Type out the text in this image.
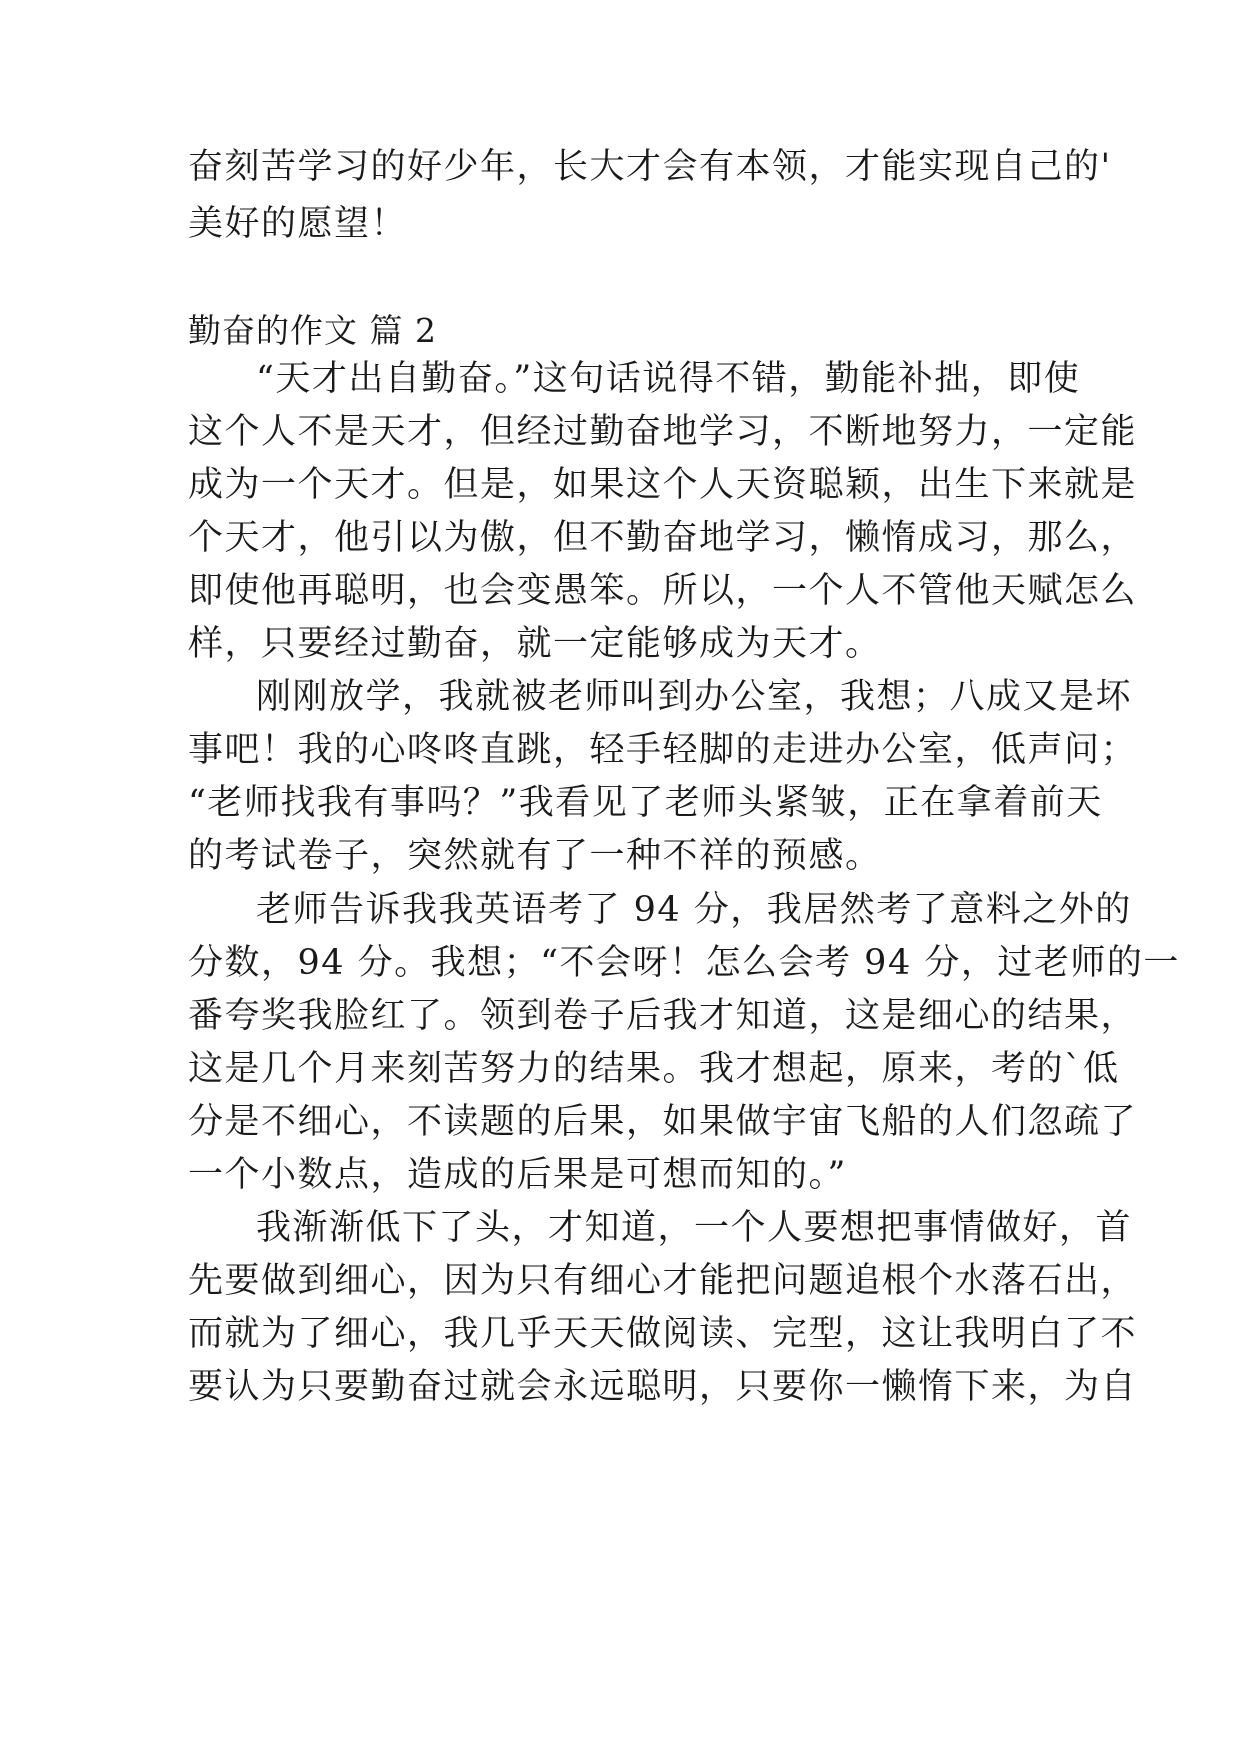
奋刻苦学习的好少年，长大才会有本领，才能实现自己的'
美好的愿望！
勤奋的作文 篇 2
“天才出自勤奋。”这句话说得不错，勤能补拙，即使
这个人不是天才，但经过勤奋地学习，不断地努力，一定能
成为一个天才。但是，如果这个人天资聪颖，出生下来就是
个天才，他引以为傲，但不勤奋地学习，懒惰成习，那么，
即使他再聪明，也会变愚笨。所以，一个人不管他天赋怎么
样，只要经过勤奋，就一定能够成为天才。
刚刚放学，我就被老师叫到办公室，我想；八成又是坏
事吧！我的心咚咚直跳，轻手轻脚的走进办公室，低声问；
“老师找我有事吗？”我看见了老师头紧皱，正在拿着前天
的考试卷子，突然就有了一种不祥的预感。
老师告诉我我英语考了 94 分，我居然考了意料之外的
分数，94 分。我想；“不会呀！怎么会考 94 分，过老师的一
番夸奖我脸红了。领到卷子后我才知道，这是细心的结果，
这是几个月来刻苦努力的结果。我才想起，原来，考的`低
分是不细心，不读题的后果，如果做宇宙飞船的人们忽疏了
一个小数点，造成的后果是可想而知的。”
我渐渐低下了头，才知道，一个人要想把事情做好，首
先要做到细心，因为只有细心才能把问题追根个水落石出，
而就为了细心，我几乎天天做阅读、完型，这让我明白了不
要认为只要勤奋过就会永远聪明，只要你一懒惰下来，为自
